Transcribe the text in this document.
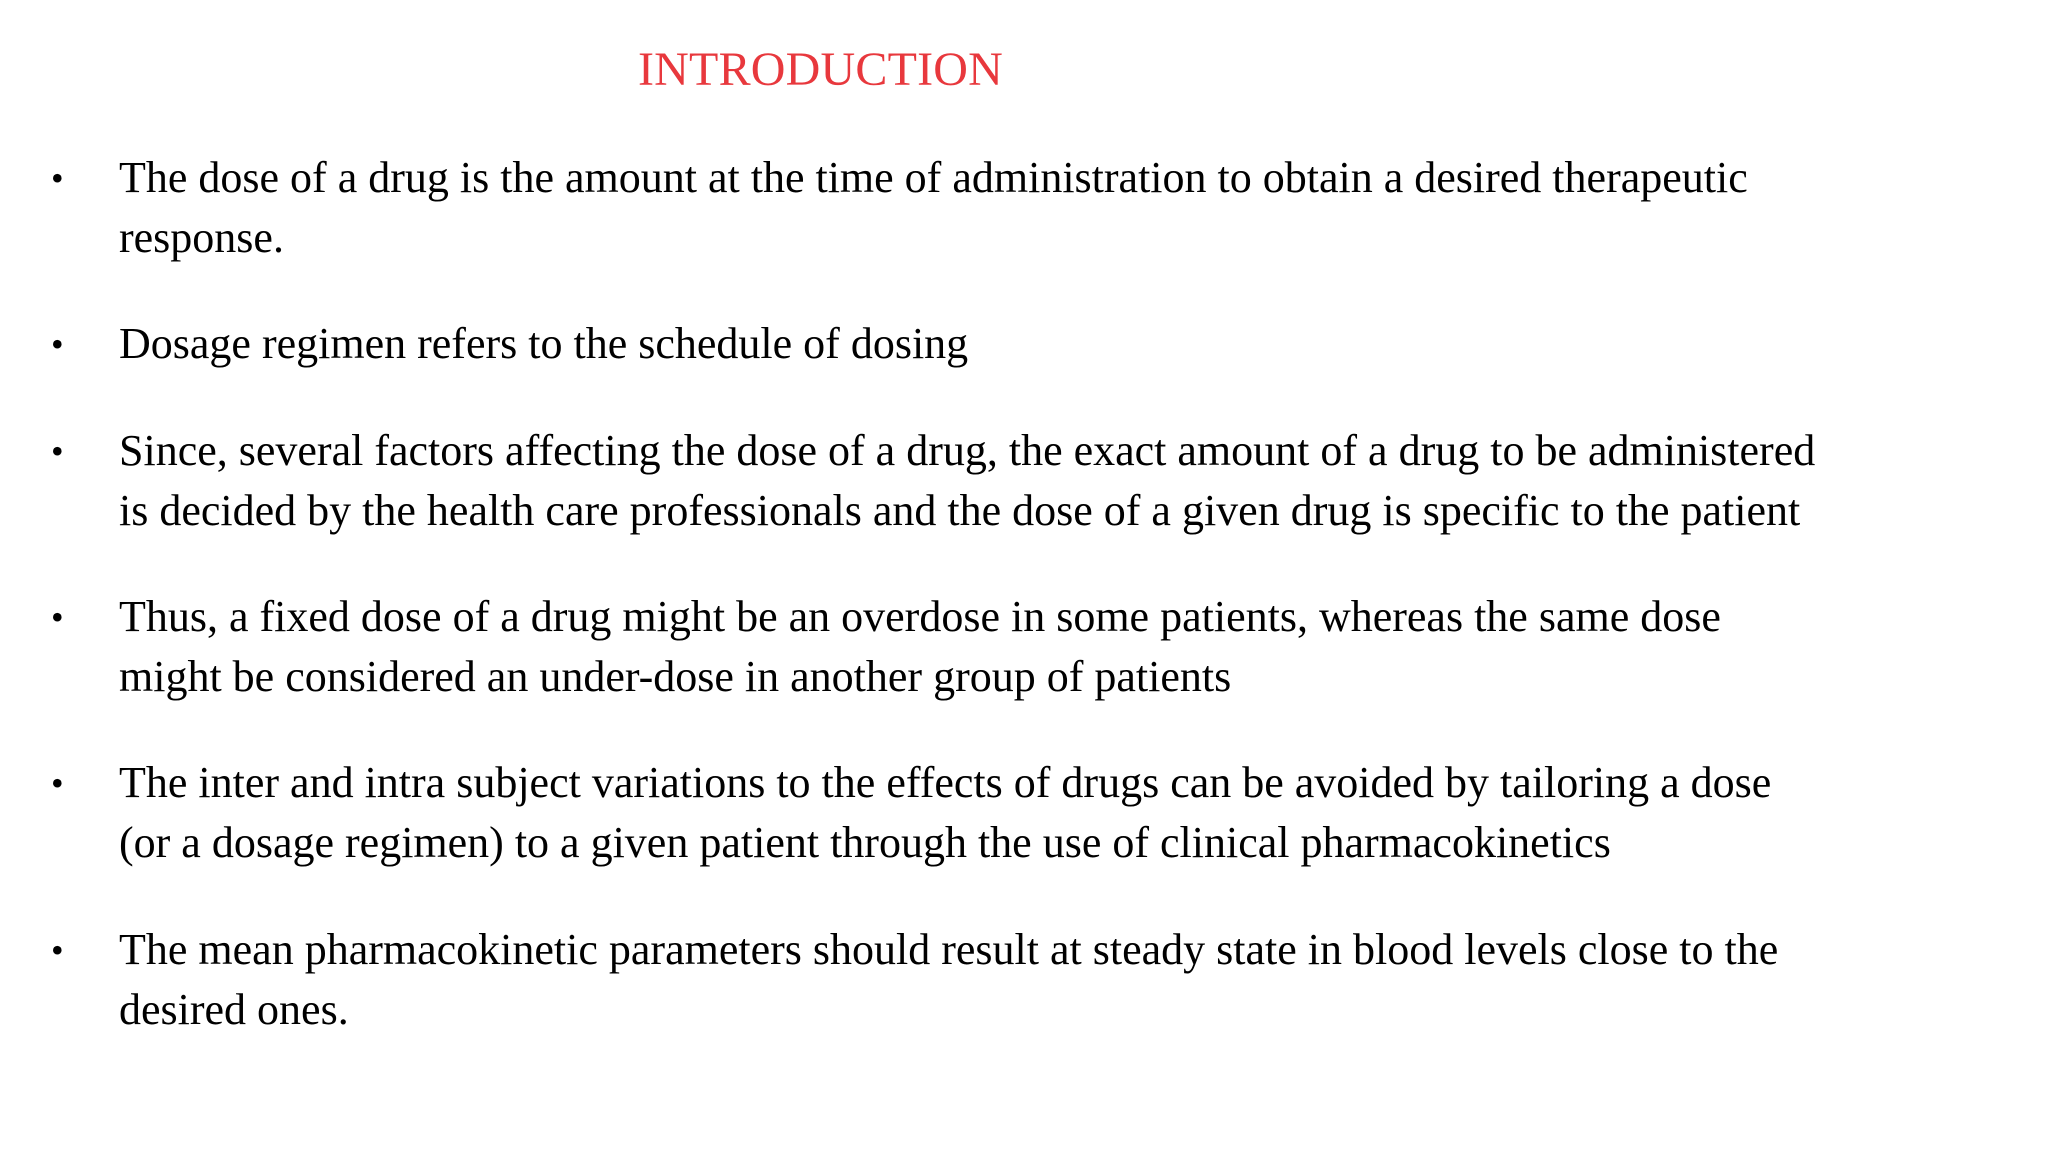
INTRODUCTION
• The dose of a drug is the amount at the time of administration to obtain a desired therapeutic
response.
• Dosage regimen refers to the schedule of dosing
• Since, several factors affecting the dose of a drug, the exact amount of a drug to be administered
is decided by the health care professionals and the dose of a given drug is specific to the patient
• Thus, a fixed dose of a drug might be an overdose in some patients, whereas the same dose
might be considered an under-dose in another group of patients
• The inter and intra subject variations to the effects of drugs can be avoided by tailoring a dose
(or a dosage regimen) to a given patient through the use of clinical pharmacokinetics
• The mean pharmacokinetic parameters should result at steady state in blood levels close to the
desired ones.
